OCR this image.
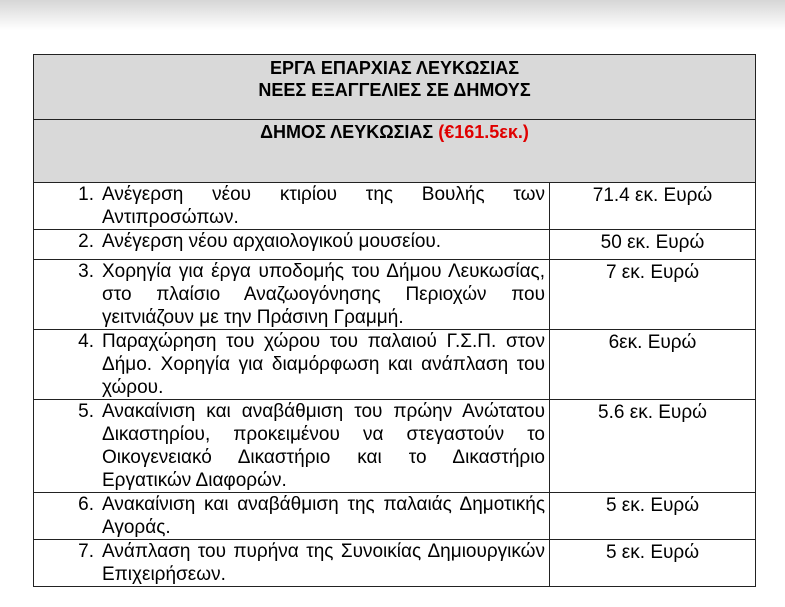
ΕΡΓΑ ΕΠΑΡΧΙΑΣ ΛΕΥΚΩΣΙΑΣ
ΝΕΕΣ ΕΞΑΓΓΕΛΙΕΣ ΣΕ ΔΗΜΟΥΣ	

ΔΗΜΟΣ ΛΕΥΚΩΣΙΑΣ (€161.5εκ.)	

1. Ανέγερση νέου κτιρίου της Βουλής των Αντιπροσώπων.	71.4 εκ. Ευρώ

2. Ανέγερση νέου αρχαιολογικού μουσείου.	50 εκ. Ευρώ

3. Χορηγία για έργα υποδομής του Δήμου Λευκωσίας, στο πλαίσιο Αναζωογόνησης Περιοχών που γειτνιάζουν με την Πράσινη Γραμμή.	7 εκ. Ευρώ

4. Παραχώρηση του χώρου του παλαιού Γ.Σ.Π. στον Δήμο. Χορηγία για διαμόρφωση και ανάπλαση του χώρου.	6εκ. Ευρώ

5. Ανακαίνιση και αναβάθμιση του πρώην Ανώτατου Δικαστηρίου, προκειμένου να στεγαστούν το Οικογενειακό Δικαστήριο και το Δικαστήριο Εργατικών Διαφορών.	5.6 εκ. Ευρώ

6. Ανακαίνιση και αναβάθμιση της παλαιάς Δημοτικής Αγοράς.	5 εκ. Ευρώ

7. Ανάπλαση του πυρήνα της Συνοικίας Δημιουργικών Επιχειρήσεων.	5 εκ. Ευρώ
